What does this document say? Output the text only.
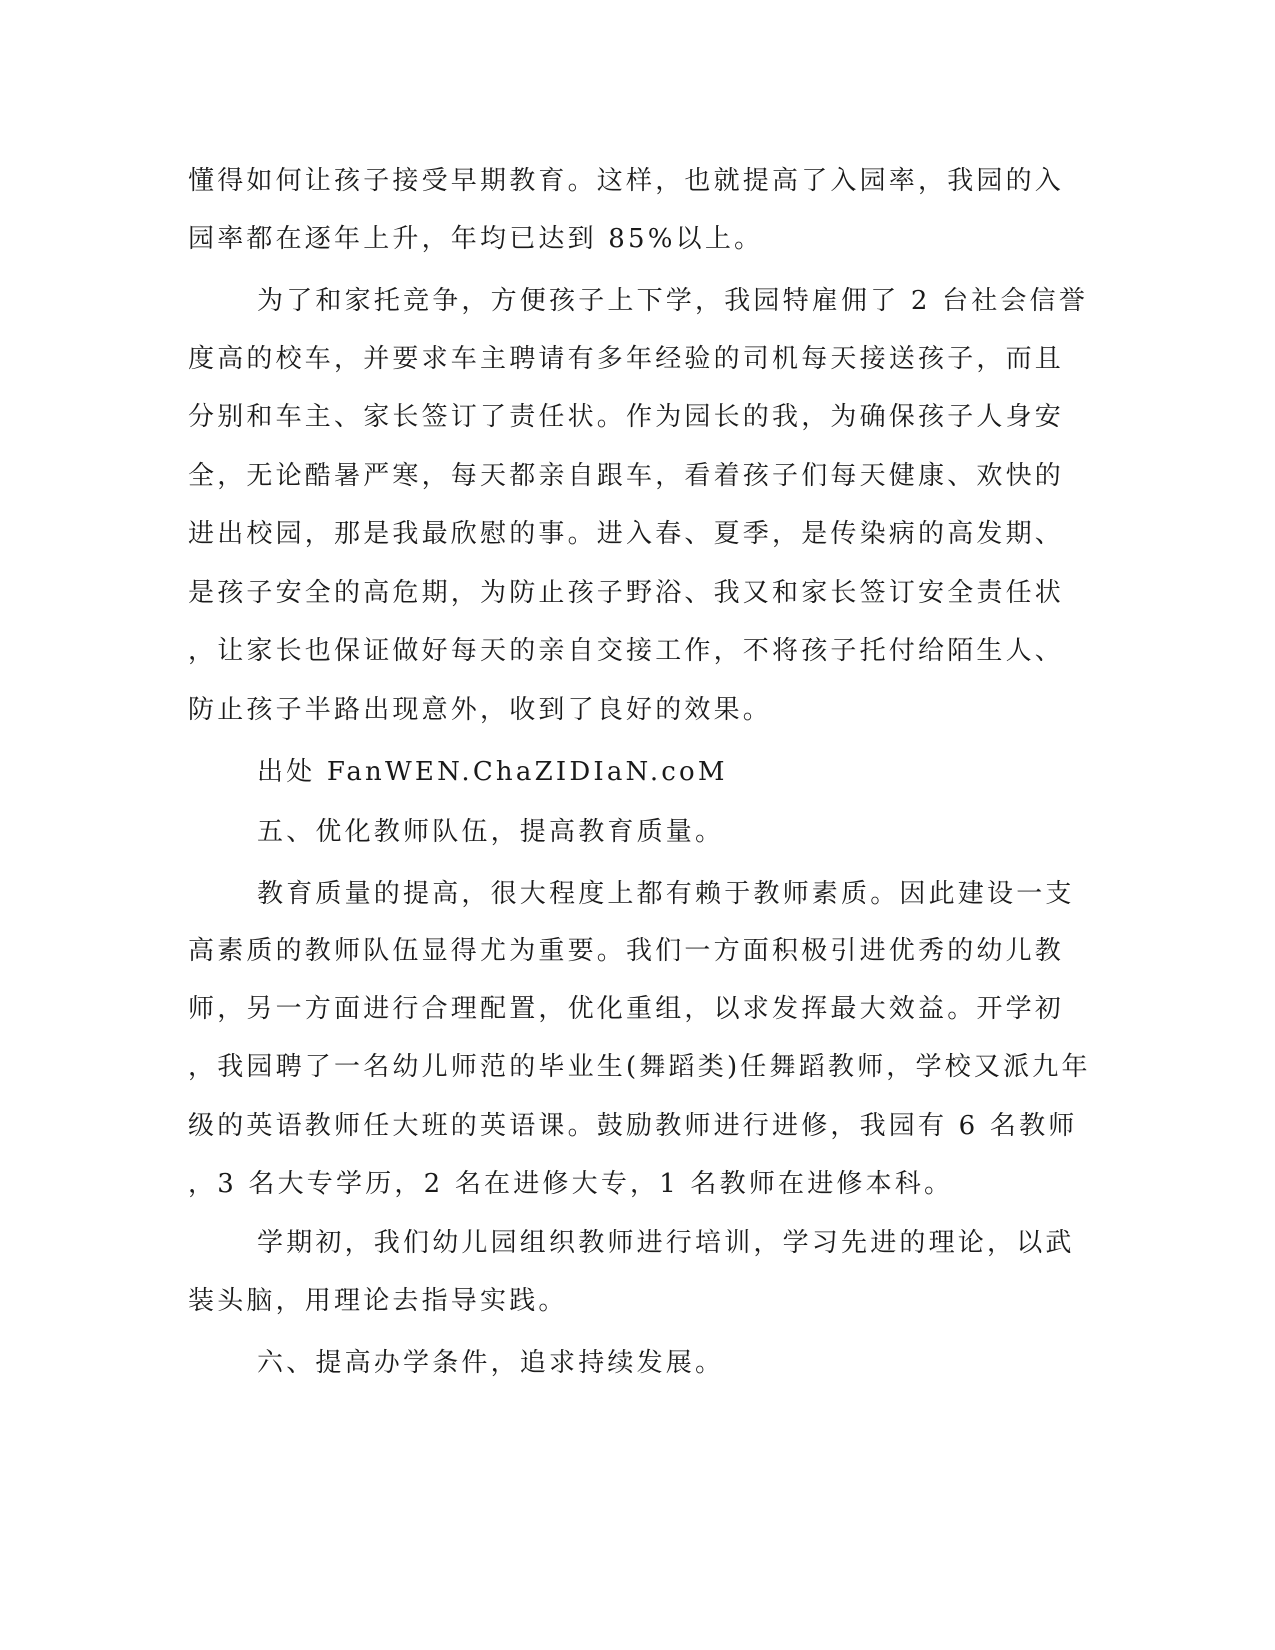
懂得如何让孩子接受早期教育。这样，也就提高了入园率，我园的入
园率都在逐年上升，年均已达到 85%以上。
为了和家托竞争，方便孩子上下学，我园特雇佣了 2 台社会信誉
度高的校车，并要求车主聘请有多年经验的司机每天接送孩子，而且
分别和车主、家长签订了责任状。作为园长的我，为确保孩子人身安
全，无论酷暑严寒，每天都亲自跟车，看着孩子们每天健康、欢快的
进出校园，那是我最欣慰的事。进入春、夏季，是传染病的高发期、
是孩子安全的高危期，为防止孩子野浴、我又和家长签订安全责任状
，让家长也保证做好每天的亲自交接工作，不将孩子托付给陌生人、
防止孩子半路出现意外，收到了良好的效果。
出处 FanWEN.ChaZIDIaN.coM
五、优化教师队伍，提高教育质量。
教育质量的提高，很大程度上都有赖于教师素质。因此建设一支
高素质的教师队伍显得尤为重要。我们一方面积极引进优秀的幼儿教
师，另一方面进行合理配置，优化重组，以求发挥最大效益。开学初
，我园聘了一名幼儿师范的毕业生(舞蹈类)任舞蹈教师，学校又派九年
级的英语教师任大班的英语课。鼓励教师进行进修，我园有 6 名教师
，3 名大专学历，2 名在进修大专，1 名教师在进修本科。
学期初，我们幼儿园组织教师进行培训，学习先进的理论，以武
装头脑，用理论去指导实践。
六、提高办学条件，追求持续发展。
